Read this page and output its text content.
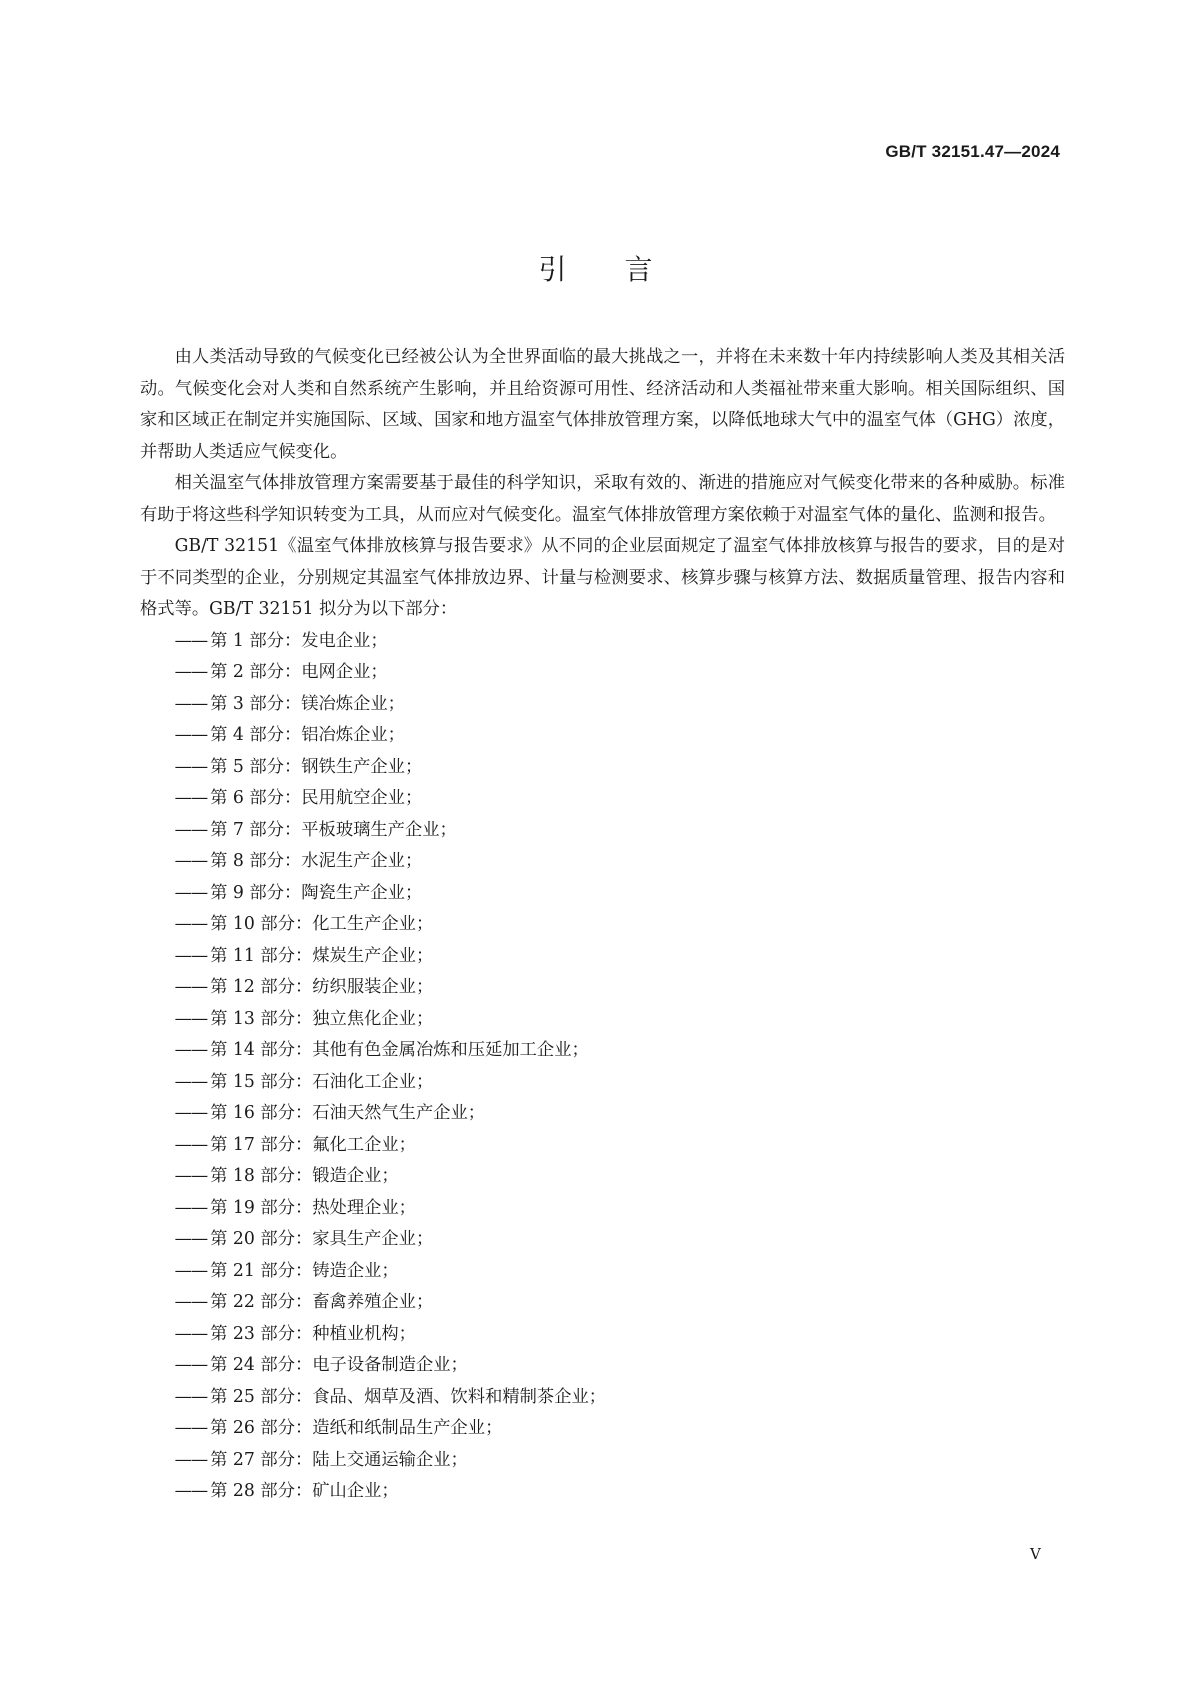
GB/T 32151.47—2024
引言

由人类活动导致的气候变化已经被公认为全世界面临的最大挑战之一，并将在未来数十年内持续影响人类及其相关活动。气候变化会对人类和自然系统产生影响，并且给资源可用性、经济活动和人类福祉带来重大影响。相关国际组织、国家和区域正在制定并实施国际、区域、国家和地方温室气体排放管理方案，以降低地球大气中的温室气体（GHG）浓度，并帮助人类适应气候变化。

相关温室气体排放管理方案需要基于最佳的科学知识，采取有效的、渐进的措施应对气候变化带来的各种威胁。标准有助于将这些科学知识转变为工具，从而应对气候变化。温室气体排放管理方案依赖于对温室气体的量化、监测和报告。

GB/T 32151《温室气体排放核算与报告要求》从不同的企业层面规定了温室气体排放核算与报告的要求，目的是对于不同类型的企业，分别规定其温室气体排放边界、计量与检测要求、核算步骤与核算方法、数据质量管理、报告内容和格式等。GB/T 32151 拟分为以下部分：

—— 第 1 部分：发电企业；
—— 第 2 部分：电网企业；
—— 第 3 部分：镁冶炼企业；
—— 第 4 部分：铝冶炼企业；
—— 第 5 部分：钢铁生产企业；
—— 第 6 部分：民用航空企业；
—— 第 7 部分：平板玻璃生产企业；
—— 第 8 部分：水泥生产企业；
—— 第 9 部分：陶瓷生产企业；
—— 第 10 部分：化工生产企业；
—— 第 11 部分：煤炭生产企业；
—— 第 12 部分：纺织服装企业；
—— 第 13 部分：独立焦化企业；
—— 第 14 部分：其他有色金属冶炼和压延加工企业；
—— 第 15 部分：石油化工企业；
—— 第 16 部分：石油天然气生产企业；
—— 第 17 部分：氟化工企业；
—— 第 18 部分：锻造企业；
—— 第 19 部分：热处理企业；
—— 第 20 部分：家具生产企业；
—— 第 21 部分：铸造企业；
—— 第 22 部分：畜禽养殖企业；
—— 第 23 部分：种植业机构；
—— 第 24 部分：电子设备制造企业；
—— 第 25 部分：食品、烟草及酒、饮料和精制茶企业；
—— 第 26 部分：造纸和纸制品生产企业；
—— 第 27 部分：陆上交通运输企业；
—— 第 28 部分：矿山企业；
V
